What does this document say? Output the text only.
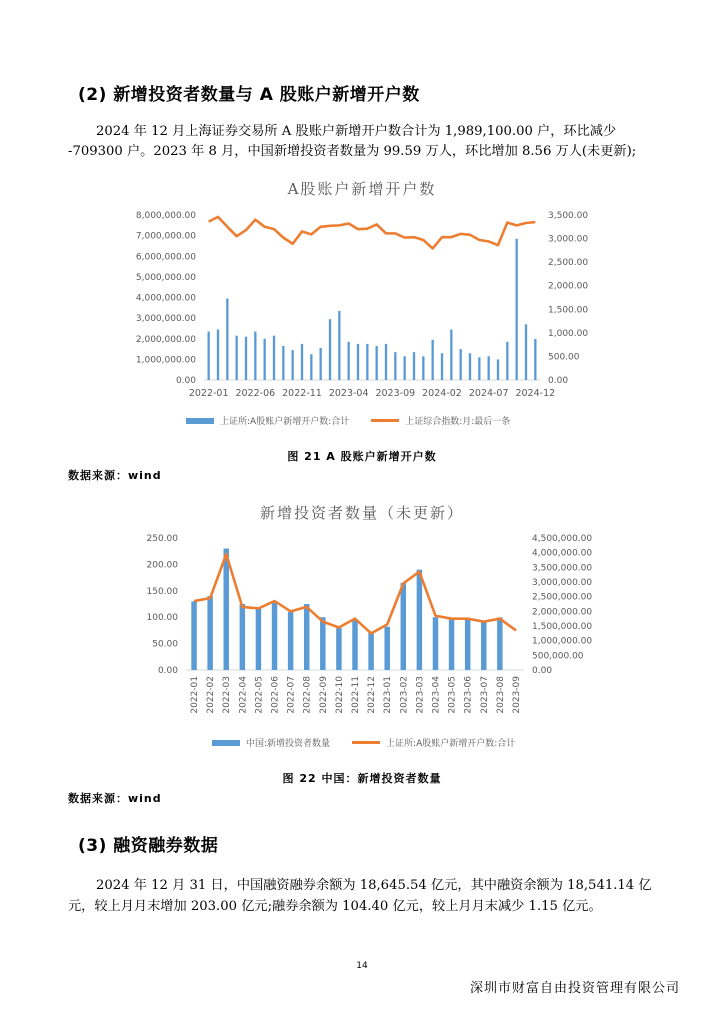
(2) 新增投资者数量与 A 股账户新增开户数
2024 年 12 月上海证券交易所 A 股账户新增开户数合计为 1,989,100.00 户，环比减少
-709300 户。2023 年 8 月，中国新增投资者数量为 99.59 万人，环比增加 8.56 万人(未更新);
A股账户新增开户数
8,000,000.00
7,000,000.00
6,000,000.00
5,000,000.00
4,000,000.00
3,000,000.00
2,000,000.00
1,000,000.00
0.00
3,500.00
3,000.00
2,500.00
2,000.00
1,500.00
1,000.00
500.00
0.00
2022-01 2022-06 2022-11 2023-04 2023-09 2024-02 2024-07 2024-12
上证所:A股账户新增开户数:合计	上证综合指数:月:最后一条
图 21 A 股账户新增开户数
数据来源：wind
新增投资者数量（未更新）
250.00
200.00
150.00
100.00
50.00
0.00
4,500,000.00
4,000,000.00
3,500,000.00
3,000,000.00
2,500,000.00
2,000,000.00
1,500,000.00
1,000,000.00
500,000.00
0.00
2022-01 2022-02 2022-03 2022-04 2022-05 2022-06 2022-07 2022-08 2022-09 2022-10 2022-11 2022-12 2023-01 2023-02 2023-03 2023-04 2023-05 2023-06 2023-07 2023-08 2023-09
中国:新增投资者数量	上证所:A股账户新增开户数:合计
图 22 中国：新增投资者数量
数据来源：wind
(3) 融资融券数据
2024 年 12 月 31 日，中国融资融券余额为 18,645.54 亿元，其中融资余额为 18,541.14 亿
元，较上月月末增加 203.00 亿元;融券余额为 104.40 亿元，较上月月末减少 1.15 亿元。
14
深圳市财富自由投资管理有限公司
